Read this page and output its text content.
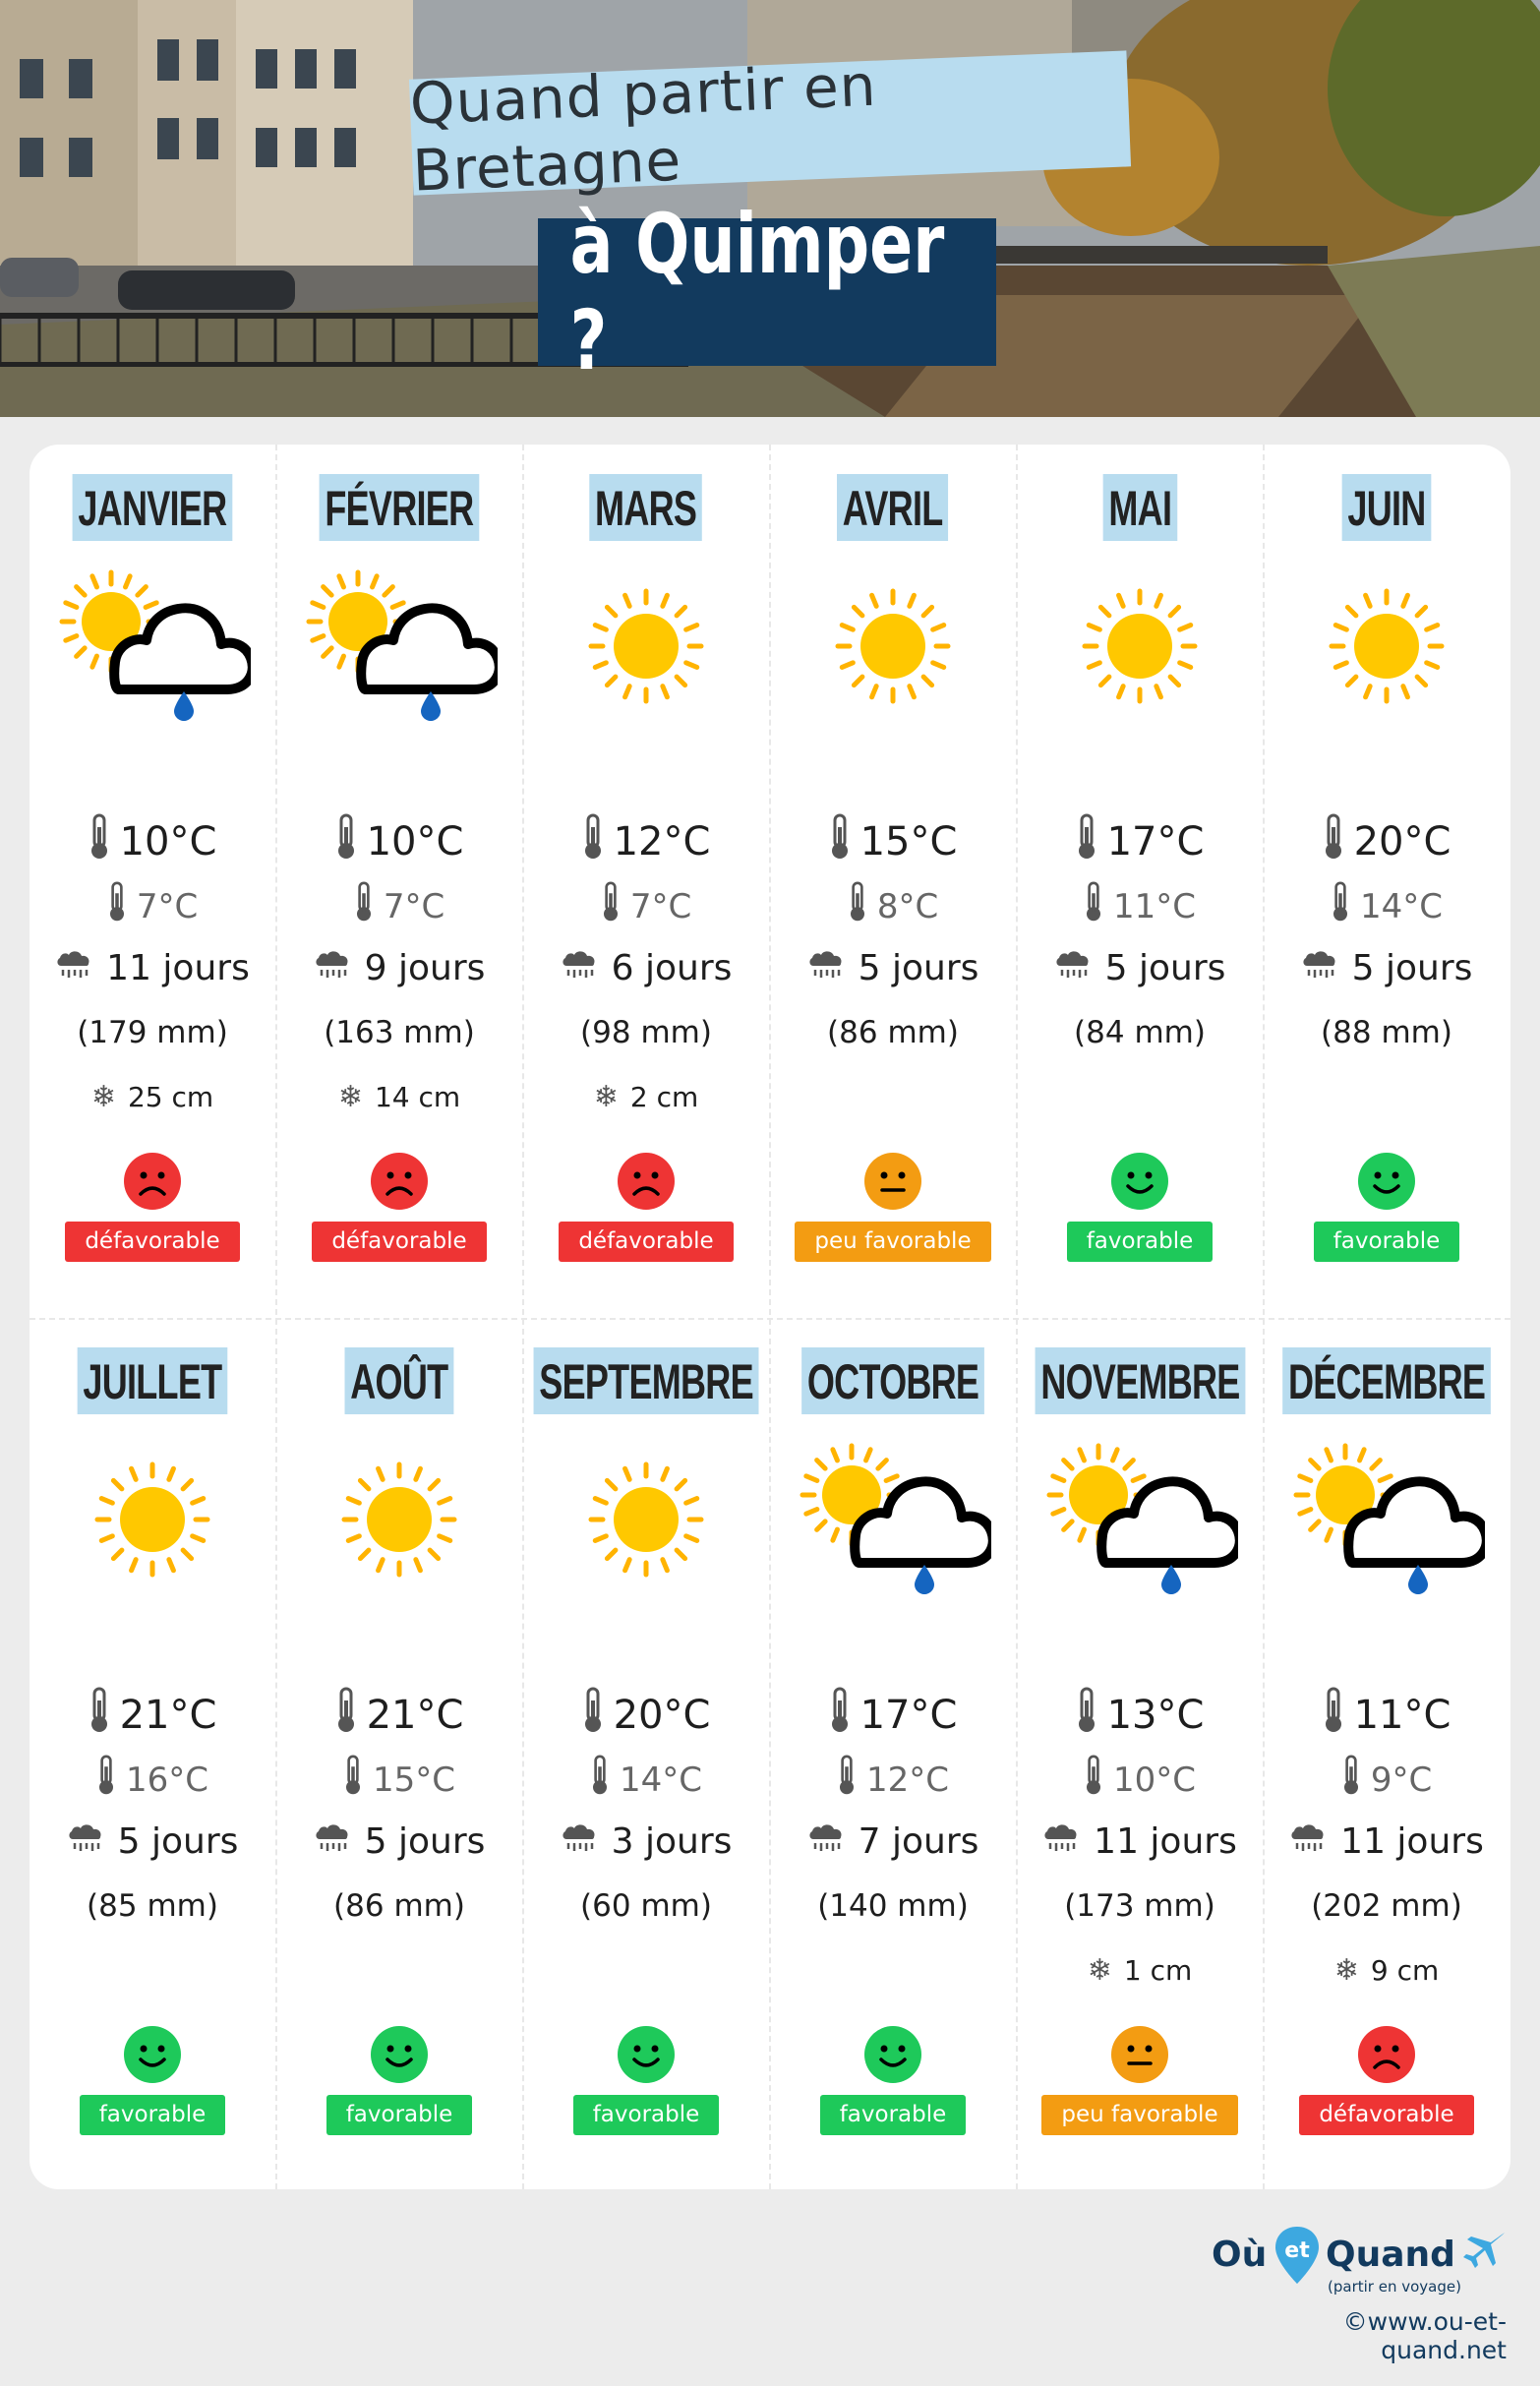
Quand partir en Bretagne
à Quimper ?
JANVIER
10°C
7°C
11 jours
(179 mm)
❄ 25 cm
défavorable
FÉVRIER
10°C
7°C
9 jours
(163 mm)
❄ 14 cm
défavorable
MARS
12°C
7°C
6 jours
(98 mm)
❄ 2 cm
défavorable
AVRIL
15°C
8°C
5 jours
(86 mm)
peu favorable
MAI
17°C
11°C
5 jours
(84 mm)
favorable
JUIN
20°C
14°C
5 jours
(88 mm)
favorable
JUILLET
21°C
16°C
5 jours
(85 mm)
favorable
AOÛT
21°C
15°C
5 jours
(86 mm)
favorable
SEPTEMBRE
20°C
14°C
3 jours
(60 mm)
favorable
OCTOBRE
17°C
12°C
7 jours
(140 mm)
favorable
NOVEMBRE
13°C
10°C
11 jours
(173 mm)
❄ 1 cm
peu favorable
DÉCEMBRE
11°C
9°C
11 jours
(202 mm)
❄ 9 cm
défavorable
Où et Quand
(partir en voyage)
©www.ou-et-quand.net
